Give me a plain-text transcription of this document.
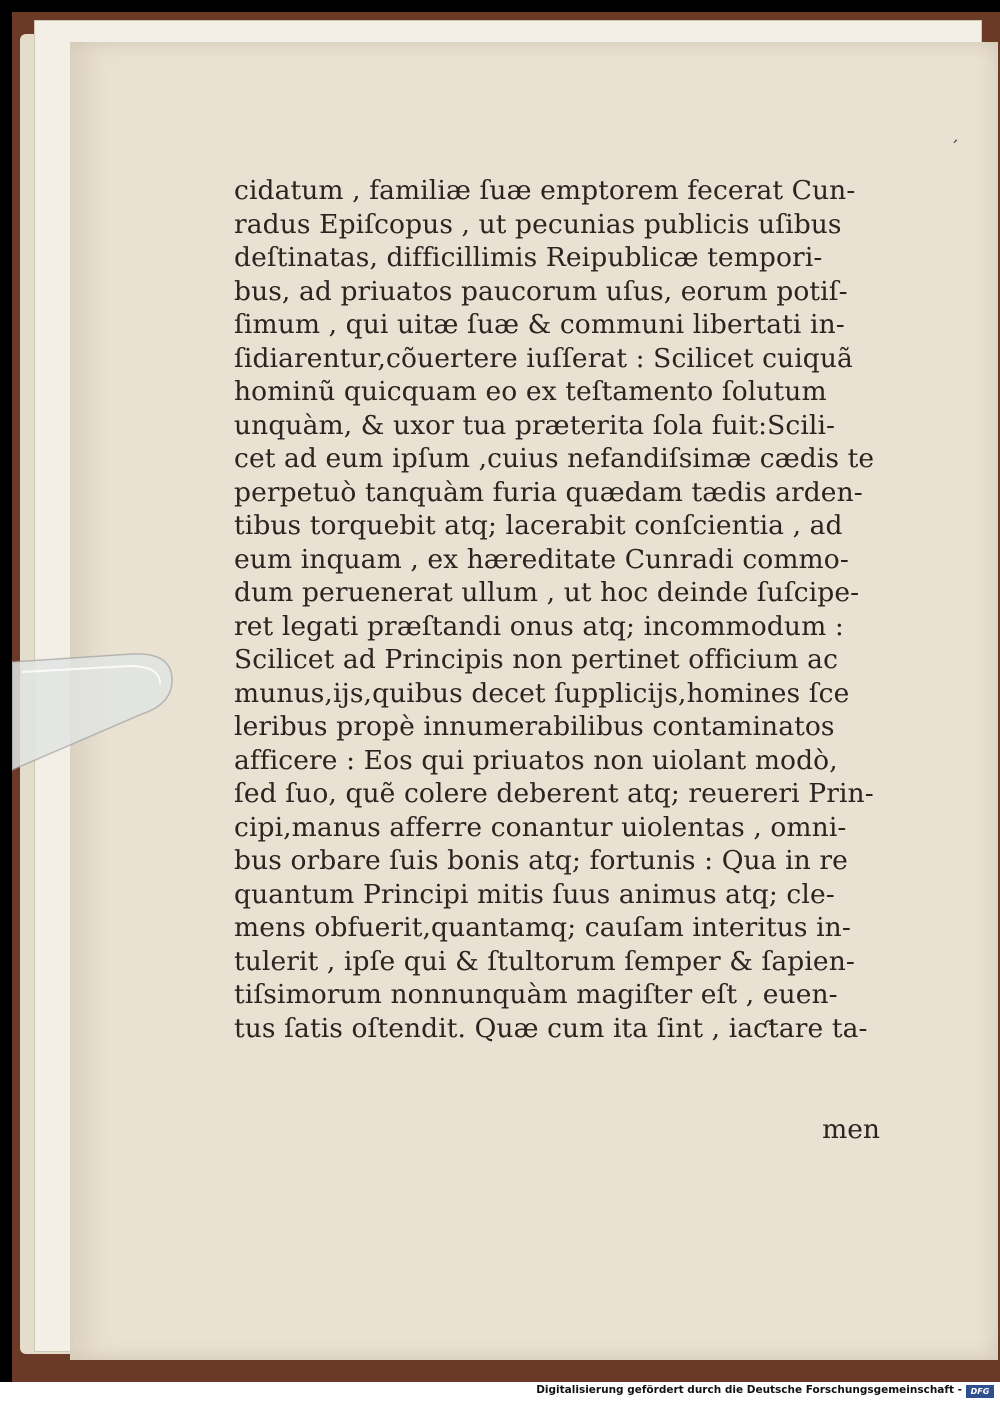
ˊ
cidatum , familiæ ſuæ emptorem fecerat Cun-
radus Epiſcopus , ut pecunias publicis uſibus
deſtinatas, difficillimis Reipublicæ tempori-
bus, ad priuatos paucorum uſus, eorum potiſ-
ſimum , qui uitæ ſuæ & communi libertati in-
ſidiarentur,cõuertere iuſſerat : Scilicet cuiquã
hominũ quicquam eo ex teſtamento ſolutum
unquàm, & uxor tua præterita ſola fuit:Scili-
cet ad eum ipſum ,cuius nefandiſsimæ cædis te
perpetuò tanquàm furia quædam tædis arden-
tibus torquebit atq; lacerabit conſcientia , ad
eum inquam , ex hæreditate Cunradi commo-
dum peruenerat ullum , ut hoc deinde ſuſcipe-
ret legati præſtandi onus atq; incommodum :
Scilicet ad Principis non pertinet officium ac
munus,ijs,quibus decet ſupplicijs,homines ſce
leribus propè innumerabilibus contaminatos
afficere : Eos qui priuatos non uiolant modò,
ſed ſuo, quẽ colere deberent atq; reuereri Prin-
cipi,manus afferre conantur uiolentas , omni-
bus orbare ſuis bonis atq; fortunis : Qua in re
quantum Principi mitis ſuus animus atq; cle-
mens obfuerit,quantamq; cauſam interitus in-
tulerit , ipſe qui & ſtultorum ſemper & ſapien-
tiſsimorum nonnunquàm magiſter eſt , euen-
tus ſatis oſtendit. Quæ cum ita ſint , iaƈtare ta-
men
Digitalisierung gefördert durch die Deutsche Forschungsgemeinschaft -	DFG
